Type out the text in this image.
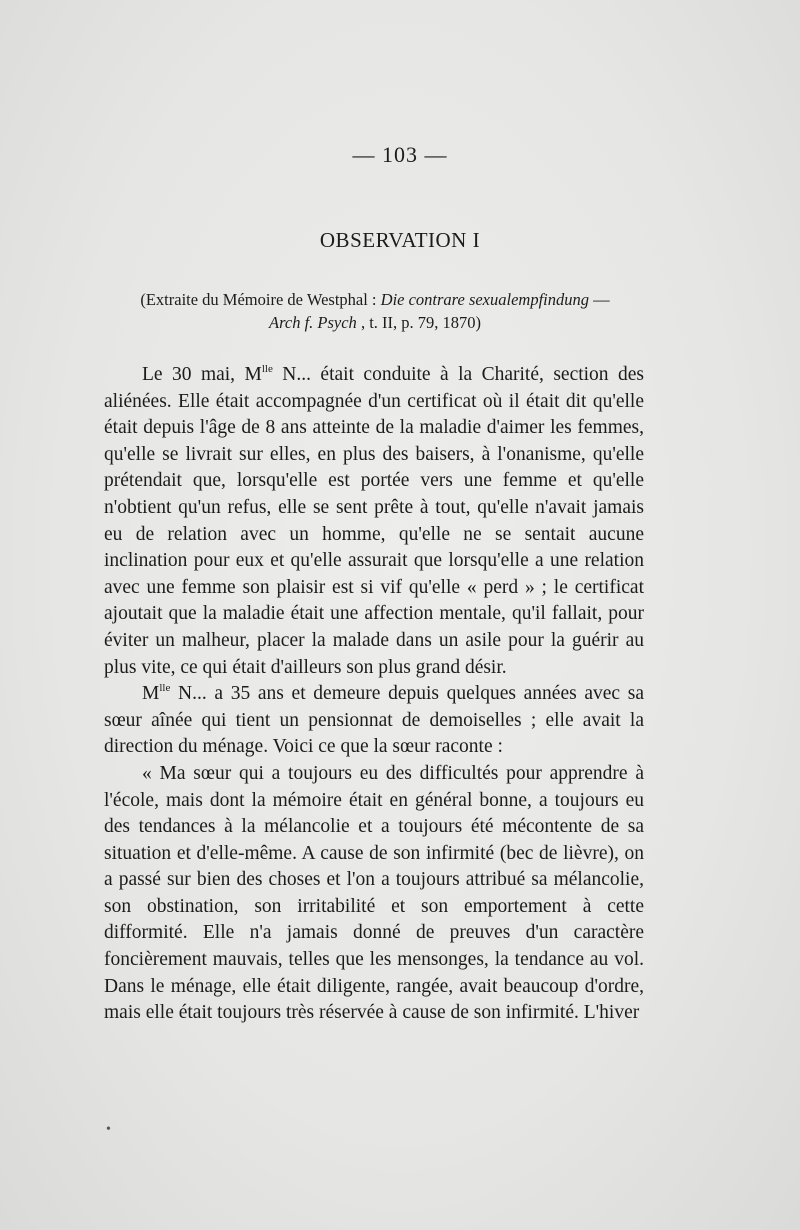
— 103 —
OBSERVATION I
(Extraite du Mémoire de Westphal : Die contrare sexualempfindung —
Arch f. Psych , t. II, p. 79, 1870)

Le 30 mai, $M^{lle}$ N... était conduite à la Charité, section des aliénées. Elle était accompagnée d'un certificat où il était dit qu'elle était depuis l'âge de 8 ans atteinte de la maladie d'aimer les femmes, qu'elle se livrait sur elles, en plus des baisers, à l'onanisme, qu'elle prétendait que, lorsqu'elle est portée vers une femme et qu'elle n'obtient qu'un refus, elle se sent prête à tout, qu'elle n'avait jamais eu de relation avec un homme, qu'elle ne se sentait aucune inclination pour eux et qu'elle assurait que lorsqu'elle a une relation avec une femme son plaisir est si vif qu'elle « perd » ; le certificat ajoutait que la maladie était une affection mentale, qu'il fallait, pour éviter un malheur, placer la malade dans un asile pour la guérir au plus vite, ce qui était d'ailleurs son plus grand désir.

$M^{lle}$ N... a 35 ans et demeure depuis quelques années avec sa sœur aînée qui tient un pensionnat de demoiselles ; elle avait la direction du ménage. Voici ce que la sœur raconte :

« Ma sœur qui a toujours eu des difficultés pour apprendre à l'école, mais dont la mémoire était en général bonne, a toujours eu des tendances à la mélancolie et a toujours été mécontente de sa situation et d'elle-même. A cause de son infirmité (bec de lièvre), on a passé sur bien des choses et l'on a toujours attribué sa mélancolie, son obstination, son irritabilité et son emportement à cette difformité. Elle n'a jamais donné de preuves d'un caractère foncièrement mauvais, telles que les mensonges, la tendance au vol. Dans le ménage, elle était diligente, rangée, avait beaucoup d'ordre, mais elle était toujours très réservée à cause de son infirmité. L'hiver

•
